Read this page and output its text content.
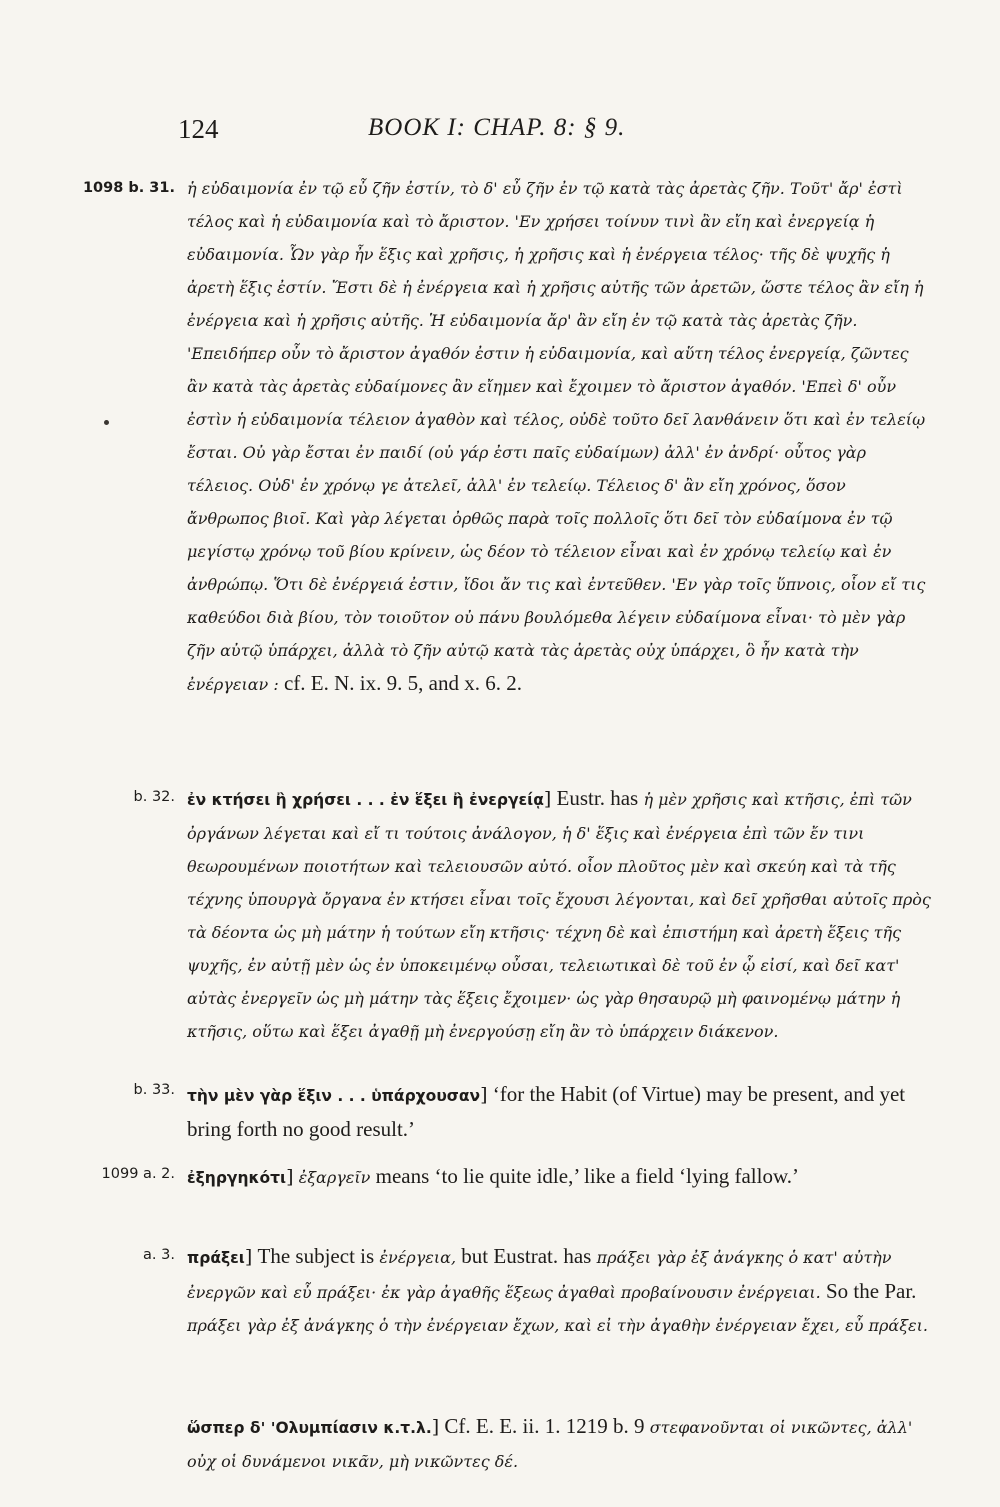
124	BOOK I: CHAP. 8: § 9.
1098 b. 31. ἡ εὐδαιμονία ἐν τῷ εὖ ζῆν ἐστίν, τὸ δ' εὖ ζῆν ἐν τῷ κατὰ τὰς ἀρετὰς ζῆν. Τοῦτ' ἄρ' ἐστὶ τέλος καὶ ἡ εὐδαιμονία καὶ τὸ ἄριστον. 'Εν χρήσει τοίνυν τινὶ ἂν εἴη καὶ ἐνεργείᾳ ἡ εὐδαιμονία. Ὧν γὰρ ἦν ἕξις καὶ χρῆσις, ἡ χρῆσις καὶ ἡ ἐνέργεια τέλος· τῆς δὲ ψυχῆς ἡ ἀρετὴ ἕξις ἐστίν. Ἔστι δὲ ἡ ἐνέργεια καὶ ἡ χρῆσις αὐτῆς τῶν ἀρετῶν, ὥστε τέλος ἂν εἴη ἡ ἐνέργεια καὶ ἡ χρῆσις αὐτῆς. Ἡ εὐδαιμονία ἄρ' ἂν εἴη ἐν τῷ κατὰ τὰς ἀρετὰς ζῆν. 'Επειδήπερ οὖν τὸ ἄριστον ἀγαθόν ἐστιν ἡ εὐδαιμονία, καὶ αὕτη τέλος ἐνεργείᾳ, ζῶντες ἂν κατὰ τὰς ἀρετὰς εὐδαίμονες ἂν εἴημεν καὶ ἔχοιμεν τὸ ἄριστον ἀγαθόν. 'Επεὶ δ' οὖν ἐστὶν ἡ εὐδαιμονία τέλειον ἀγαθὸν καὶ τέλος, οὐδὲ τοῦτο δεῖ λανθάνειν ὅτι καὶ ἐν τελείῳ ἔσται. Οὐ γὰρ ἔσται ἐν παιδί (οὐ γάρ ἐστι παῖς εὐδαίμων) ἀλλ' ἐν ἀνδρί· οὗτος γὰρ τέλειος. Οὐδ' ἐν χρόνῳ γε ἀτελεῖ, ἀλλ' ἐν τελείῳ. Τέλειος δ' ἂν εἴη χρόνος, ὅσον ἄνθρωπος βιοῖ. Καὶ γὰρ λέγεται ὀρθῶς παρὰ τοῖς πολλοῖς ὅτι δεῖ τὸν εὐδαίμονα ἐν τῷ μεγίστῳ χρόνῳ τοῦ βίου κρίνειν, ὡς δέον τὸ τέλειον εἶναι καὶ ἐν χρόνῳ τελείῳ καὶ ἐν ἀνθρώπῳ. Ὅτι δὲ ἐνέργειά ἐστιν, ἴδοι ἄν τις καὶ ἐντεῦθεν. 'Εν γὰρ τοῖς ὕπνοις, οἷον εἴ τις καθεύδοι διὰ βίου, τὸν τοιοῦτον οὐ πάνυ βουλόμεθα λέγειν εὐδαίμονα εἶναι· τὸ μὲν γὰρ ζῆν αὐτῷ ὑπάρχει, ἀλλὰ τὸ ζῆν αὐτῷ κατὰ τὰς ἀρετὰς οὐχ ὑπάρχει, ὃ ἦν κατὰ τὴν ἐνέργειαν : cf. E. N. ix. 9. 5, and x. 6. 2.
b. 32. ἐν κτήσει ἢ χρήσει . . . ἐν ἕξει ἢ ἐνεργείᾳ] Eustr. has ἡ μὲν χρῆσις καὶ κτῆσις, ἐπὶ τῶν ὀργάνων λέγεται καὶ εἴ τι τούτοις ἀνάλογον, ἡ δ' ἕξις καὶ ἐνέργεια ἐπὶ τῶν ἔν τινι θεωρουμένων ποιοτήτων καὶ τελειουσῶν αὐτό. οἷον πλοῦτος μὲν καὶ σκεύη καὶ τὰ τῆς τέχνης ὑπουργὰ ὄργανα ἐν κτήσει εἶναι τοῖς ἔχουσι λέγονται, καὶ δεῖ χρῆσθαι αὐτοῖς πρὸς τὰ δέοντα ὡς μὴ μάτην ἡ τούτων εἴη κτῆσις· τέχνη δὲ καὶ ἐπιστήμη καὶ ἀρετὴ ἕξεις τῆς ψυχῆς, ἐν αὐτῇ μὲν ὡς ἐν ὑποκειμένῳ οὖσαι, τελειωτικαὶ δὲ τοῦ ἐν ᾧ εἰσί, καὶ δεῖ κατ' αὐτὰς ἐνεργεῖν ὡς μὴ μάτην τὰς ἕξεις ἔχοιμεν· ὡς γὰρ θησαυρῷ μὴ φαινομένῳ μάτην ἡ κτῆσις, οὕτω καὶ ἕξει ἀγαθῇ μὴ ἐνεργούσῃ εἴη ἂν τὸ ὑπάρχειν διάκενον.
b. 33. τὴν μὲν γὰρ ἕξιν . . . ὑπάρχουσαν] ‘for the Habit (of Virtue) may be present, and yet bring forth no good result.’
1099 a. 2. ἐξηργηκότι] ἐξαργεῖν means ‘to lie quite idle,’ like a field ‘lying fallow.’
a. 3. πράξει] The subject is ἐνέργεια, but Eustrat. has πράξει γὰρ ἐξ ἀνάγκης ὁ κατ' αὐτὴν ἐνεργῶν καὶ εὖ πράξει· ἐκ γὰρ ἀγαθῆς ἕξεως ἀγαθαὶ προβαίνουσιν ἐνέργειαι. So the Par. πράξει γὰρ ἐξ ἀνάγκης ὁ τὴν ἐνέργειαν ἔχων, καὶ εἰ τὴν ἀγαθὴν ἐνέργειαν ἔχει, εὖ πράξει.
ὥσπερ δ' 'Ολυμπίασιν κ.τ.λ.] Cf. E. E. ii. 1. 1219 b. 9 στεφανοῦνται οἱ νικῶντες, ἀλλ' οὐχ οἱ δυνάμενοι νικᾶν, μὴ νικῶντες δέ.
